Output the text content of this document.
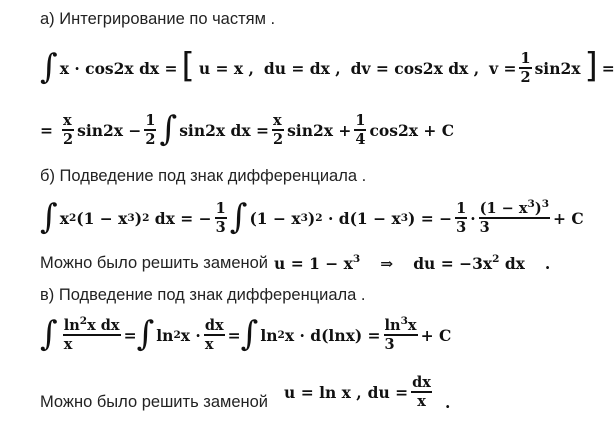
а) Интегрирование по частям .
∫ x · cos2x dx = [ u = x , du = dx , dv = cos2x dx , $v = \frac{1}{2} \sin 2x$ ] =
= $\frac{x}{2} \sin 2x - \frac{1}{2}$ ∫ sin2x dx = $\frac{x}{2} \sin 2x + \frac{1}{4} \cos 2x + C$
б) Подведение под знак дифференциала .
∫ x 2 (1 − x 3 ) 2 dx = − $\frac{1}{3}$ ∫ (1 − x 3 ) 2 · d(1 − x 3 ) = − $\frac{1}{3} \cdot \frac{(1 - x3)3}{3} + C$
Можно было решить заменой u = 1 − x3 ⇒ du = −3x2 dx .
в) Подведение под знак дифференциала .
∫ $\frac{\text{ln2x dx}}{x}$ = ∫ ln 2 $x \cdot \frac{dx}{x}$ = ∫ ln 2 $x \cdot d(\ln x) = \frac{\ln 3x}{3} + C$
Можно было решить заменой u = ln x , du = $\frac{dx}{x}$ .
